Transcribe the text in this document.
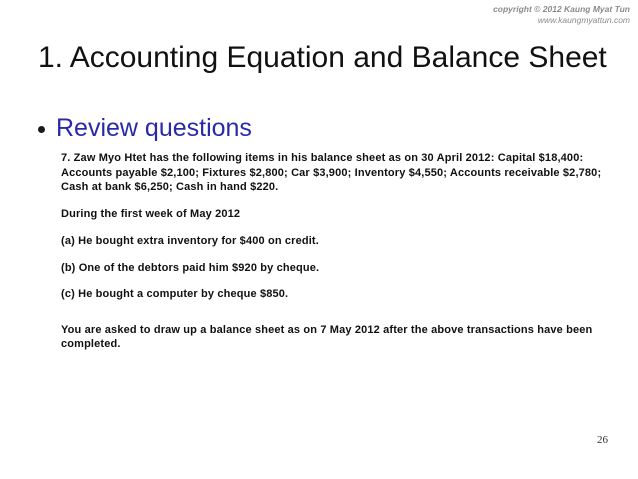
copyright © 2012 Kaung Myat Tun
www.kaungmyattun.com
1. Accounting Equation and Balance Sheet
Review questions

7. Zaw Myo Htet has the following items in his balance sheet as on 30 April 2012: Capital $18,400: Accounts payable $2,100; Fixtures $2,800; Car $3,900; Inventory $4,550; Accounts receivable $2,780; Cash at bank $6,250; Cash in hand $220.

During the first week of May 2012

(a) He bought extra inventory for $400 on credit.

(b) One of the debtors paid him $920 by cheque.

(c) He bought a computer by cheque $850.

You are asked to draw up a balance sheet as on 7 May 2012 after the above transactions have been completed.

26
